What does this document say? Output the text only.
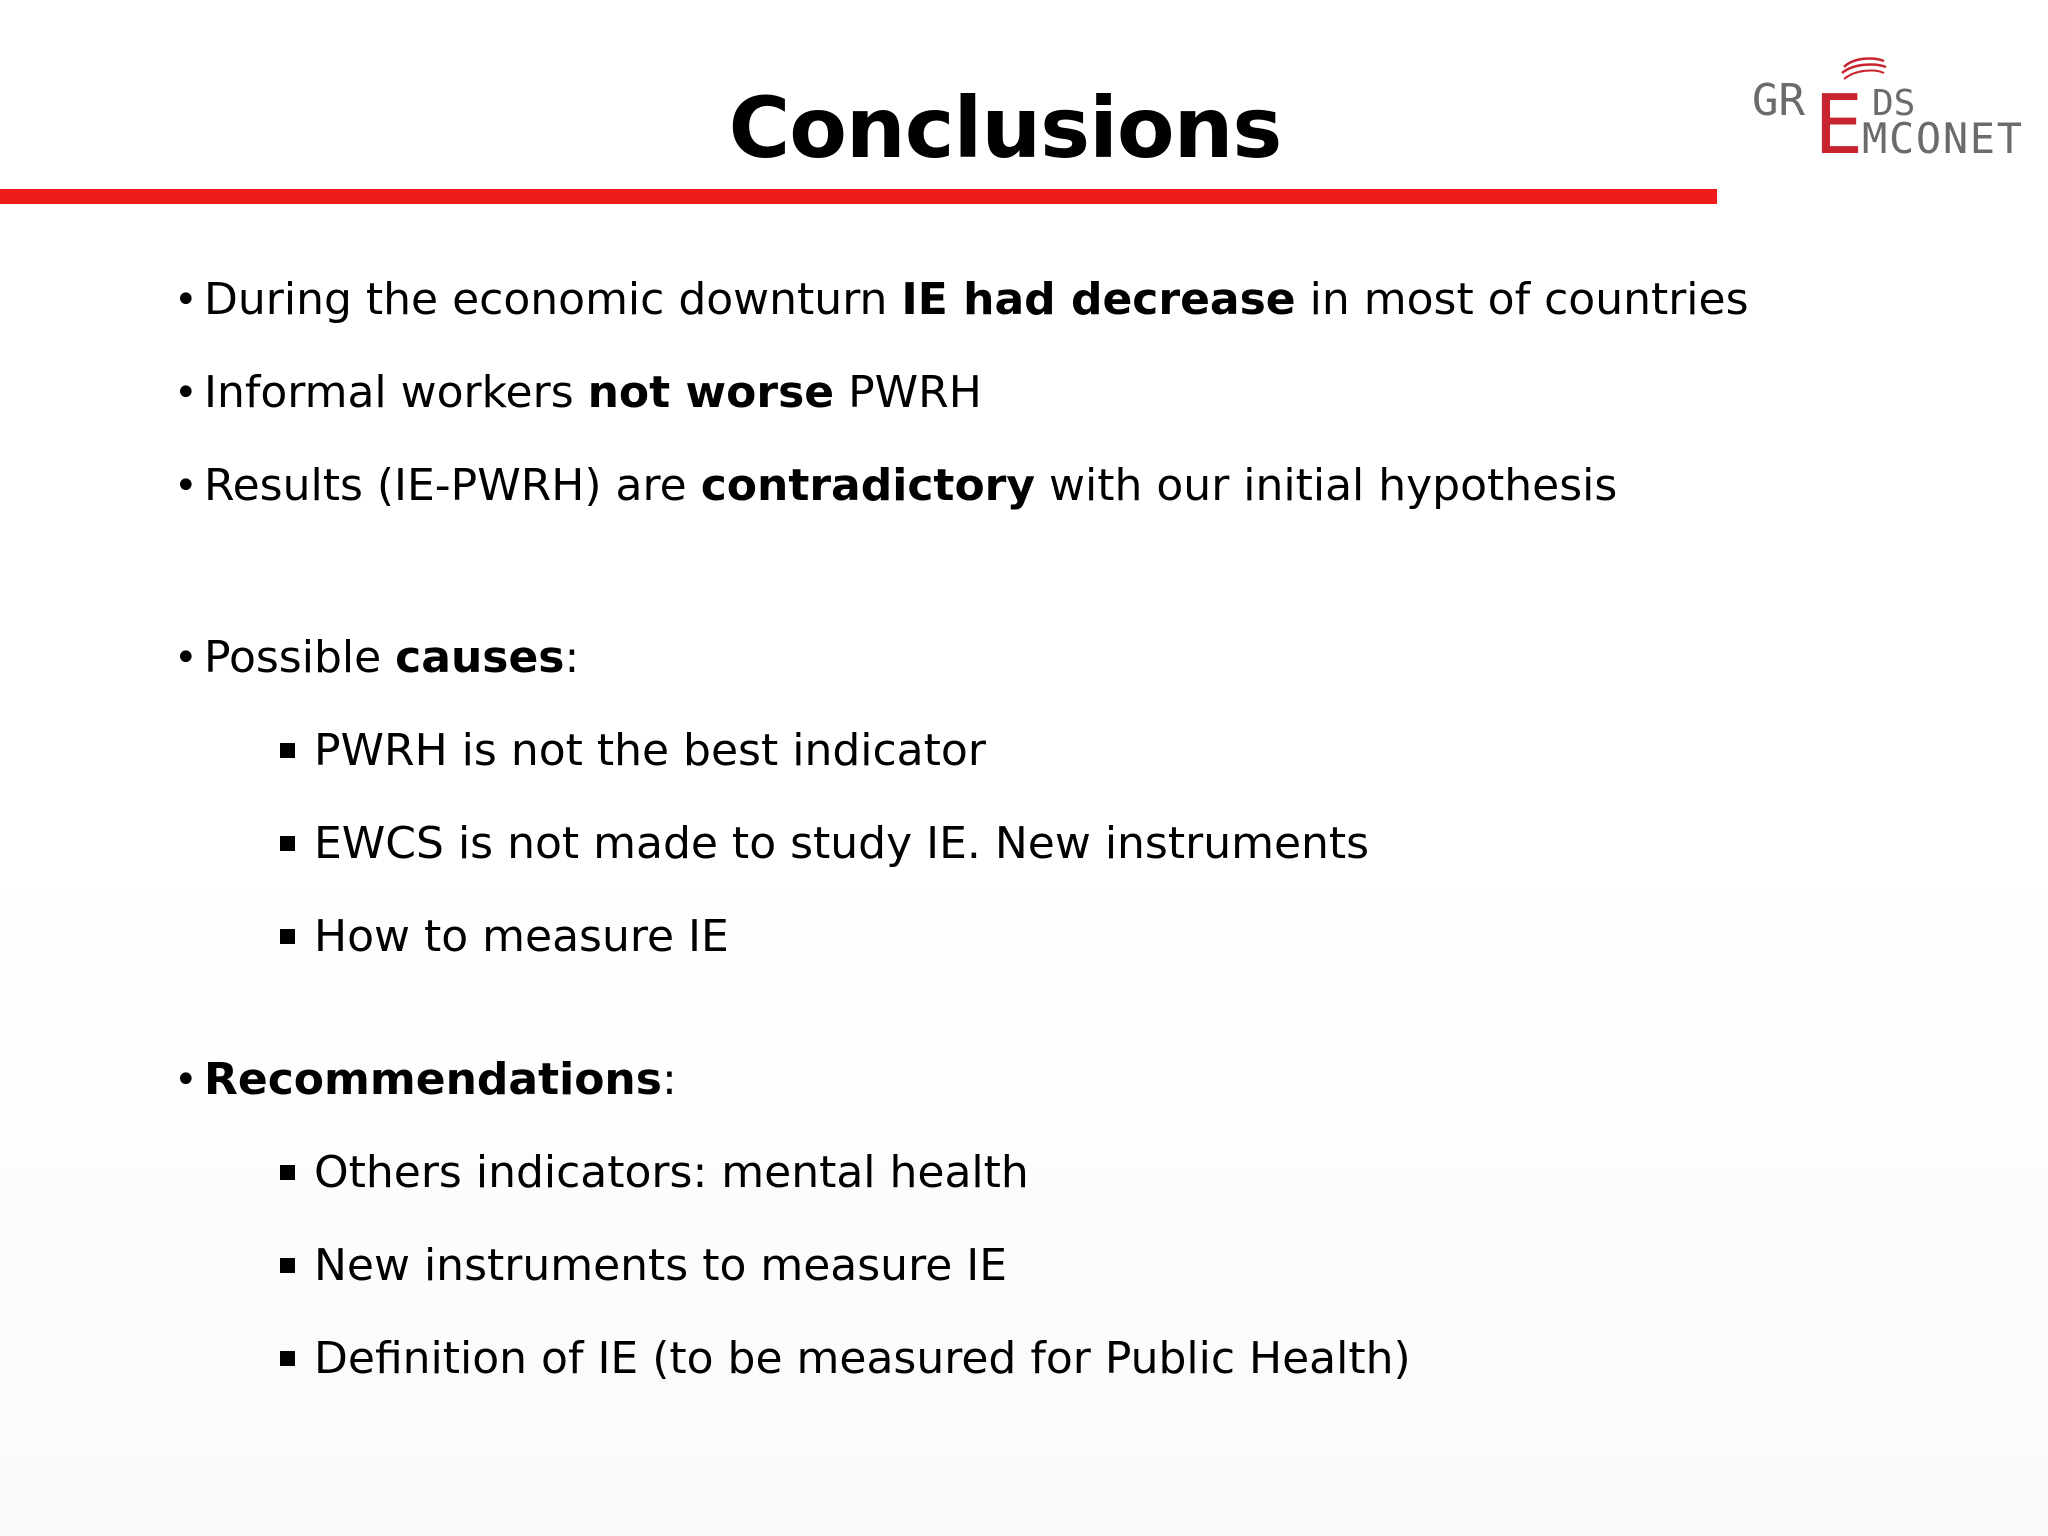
Conclusions	GR E DS
MCONET
• During the economic downturn IE had decrease in most of countries
• Informal workers not worse PWRH
• Results (IE-PWRH) are contradictory with our initial hypothesis
• Possible causes:
PWRH is not the best indicator
EWCS is not made to study IE. New instruments
How to measure IE
• Recommendations:
Others indicators: mental health
New instruments to measure IE
Definition of IE (to be measured for Public Health)
